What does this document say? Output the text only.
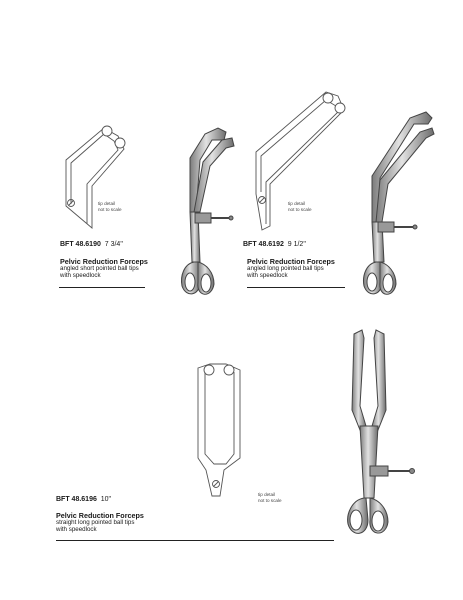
tip detail
not to scale
BFT 48.6190 7 3/4"
Pelvic Reduction Forceps
angled short pointed ball tips
with speedlock
tip detail
not to scale
BFT 48.6192 9 1/2"
Pelvic Reduction Forceps
angled long pointed ball tips
with speedlock
tip detail
not to scale
BFT 48.6196 10"
Pelvic Reduction Forceps
straight long pointed ball tips
with speedlock
